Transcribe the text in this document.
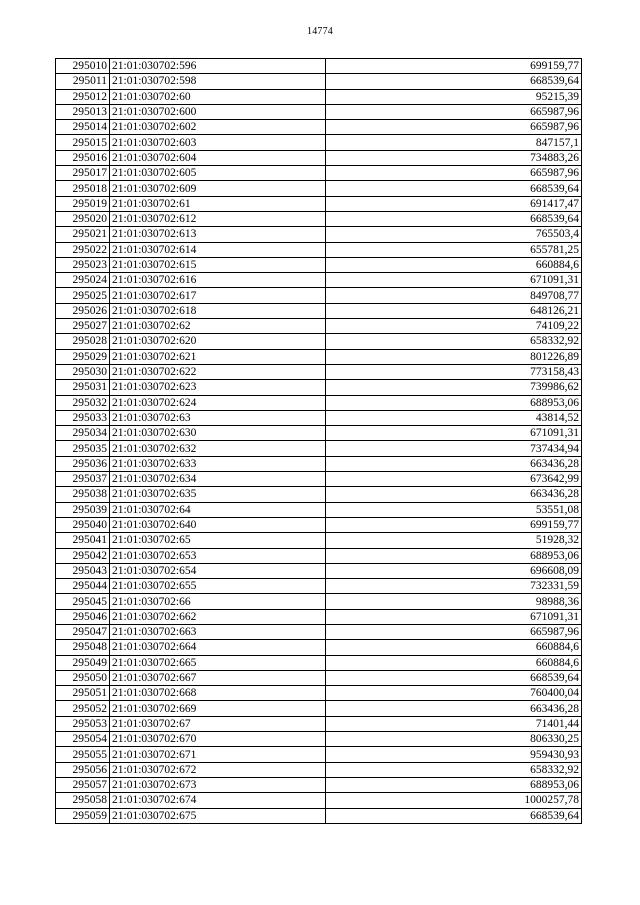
14774
295010	21:01:030702:596	699159,77
295011	21:01:030702:598	668539,64
295012	21:01:030702:60	95215,39
295013	21:01:030702:600	665987,96
295014	21:01:030702:602	665987,96
295015	21:01:030702:603	847157,1
295016	21:01:030702:604	734883,26
295017	21:01:030702:605	665987,96
295018	21:01:030702:609	668539,64
295019	21:01:030702:61	691417,47
295020	21:01:030702:612	668539,64
295021	21:01:030702:613	765503,4
295022	21:01:030702:614	655781,25
295023	21:01:030702:615	660884,6
295024	21:01:030702:616	671091,31
295025	21:01:030702:617	849708,77
295026	21:01:030702:618	648126,21
295027	21:01:030702:62	74109,22
295028	21:01:030702:620	658332,92
295029	21:01:030702:621	801226,89
295030	21:01:030702:622	773158,43
295031	21:01:030702:623	739986,62
295032	21:01:030702:624	688953,06
295033	21:01:030702:63	43814,52
295034	21:01:030702:630	671091,31
295035	21:01:030702:632	737434,94
295036	21:01:030702:633	663436,28
295037	21:01:030702:634	673642,99
295038	21:01:030702:635	663436,28
295039	21:01:030702:64	53551,08
295040	21:01:030702:640	699159,77
295041	21:01:030702:65	51928,32
295042	21:01:030702:653	688953,06
295043	21:01:030702:654	696608,09
295044	21:01:030702:655	732331,59
295045	21:01:030702:66	98988,36
295046	21:01:030702:662	671091,31
295047	21:01:030702:663	665987,96
295048	21:01:030702:664	660884,6
295049	21:01:030702:665	660884,6
295050	21:01:030702:667	668539,64
295051	21:01:030702:668	760400,04
295052	21:01:030702:669	663436,28
295053	21:01:030702:67	71401,44
295054	21:01:030702:670	806330,25
295055	21:01:030702:671	959430,93
295056	21:01:030702:672	658332,92
295057	21:01:030702:673	688953,06
295058	21:01:030702:674	1000257,78
295059	21:01:030702:675	668539,64
